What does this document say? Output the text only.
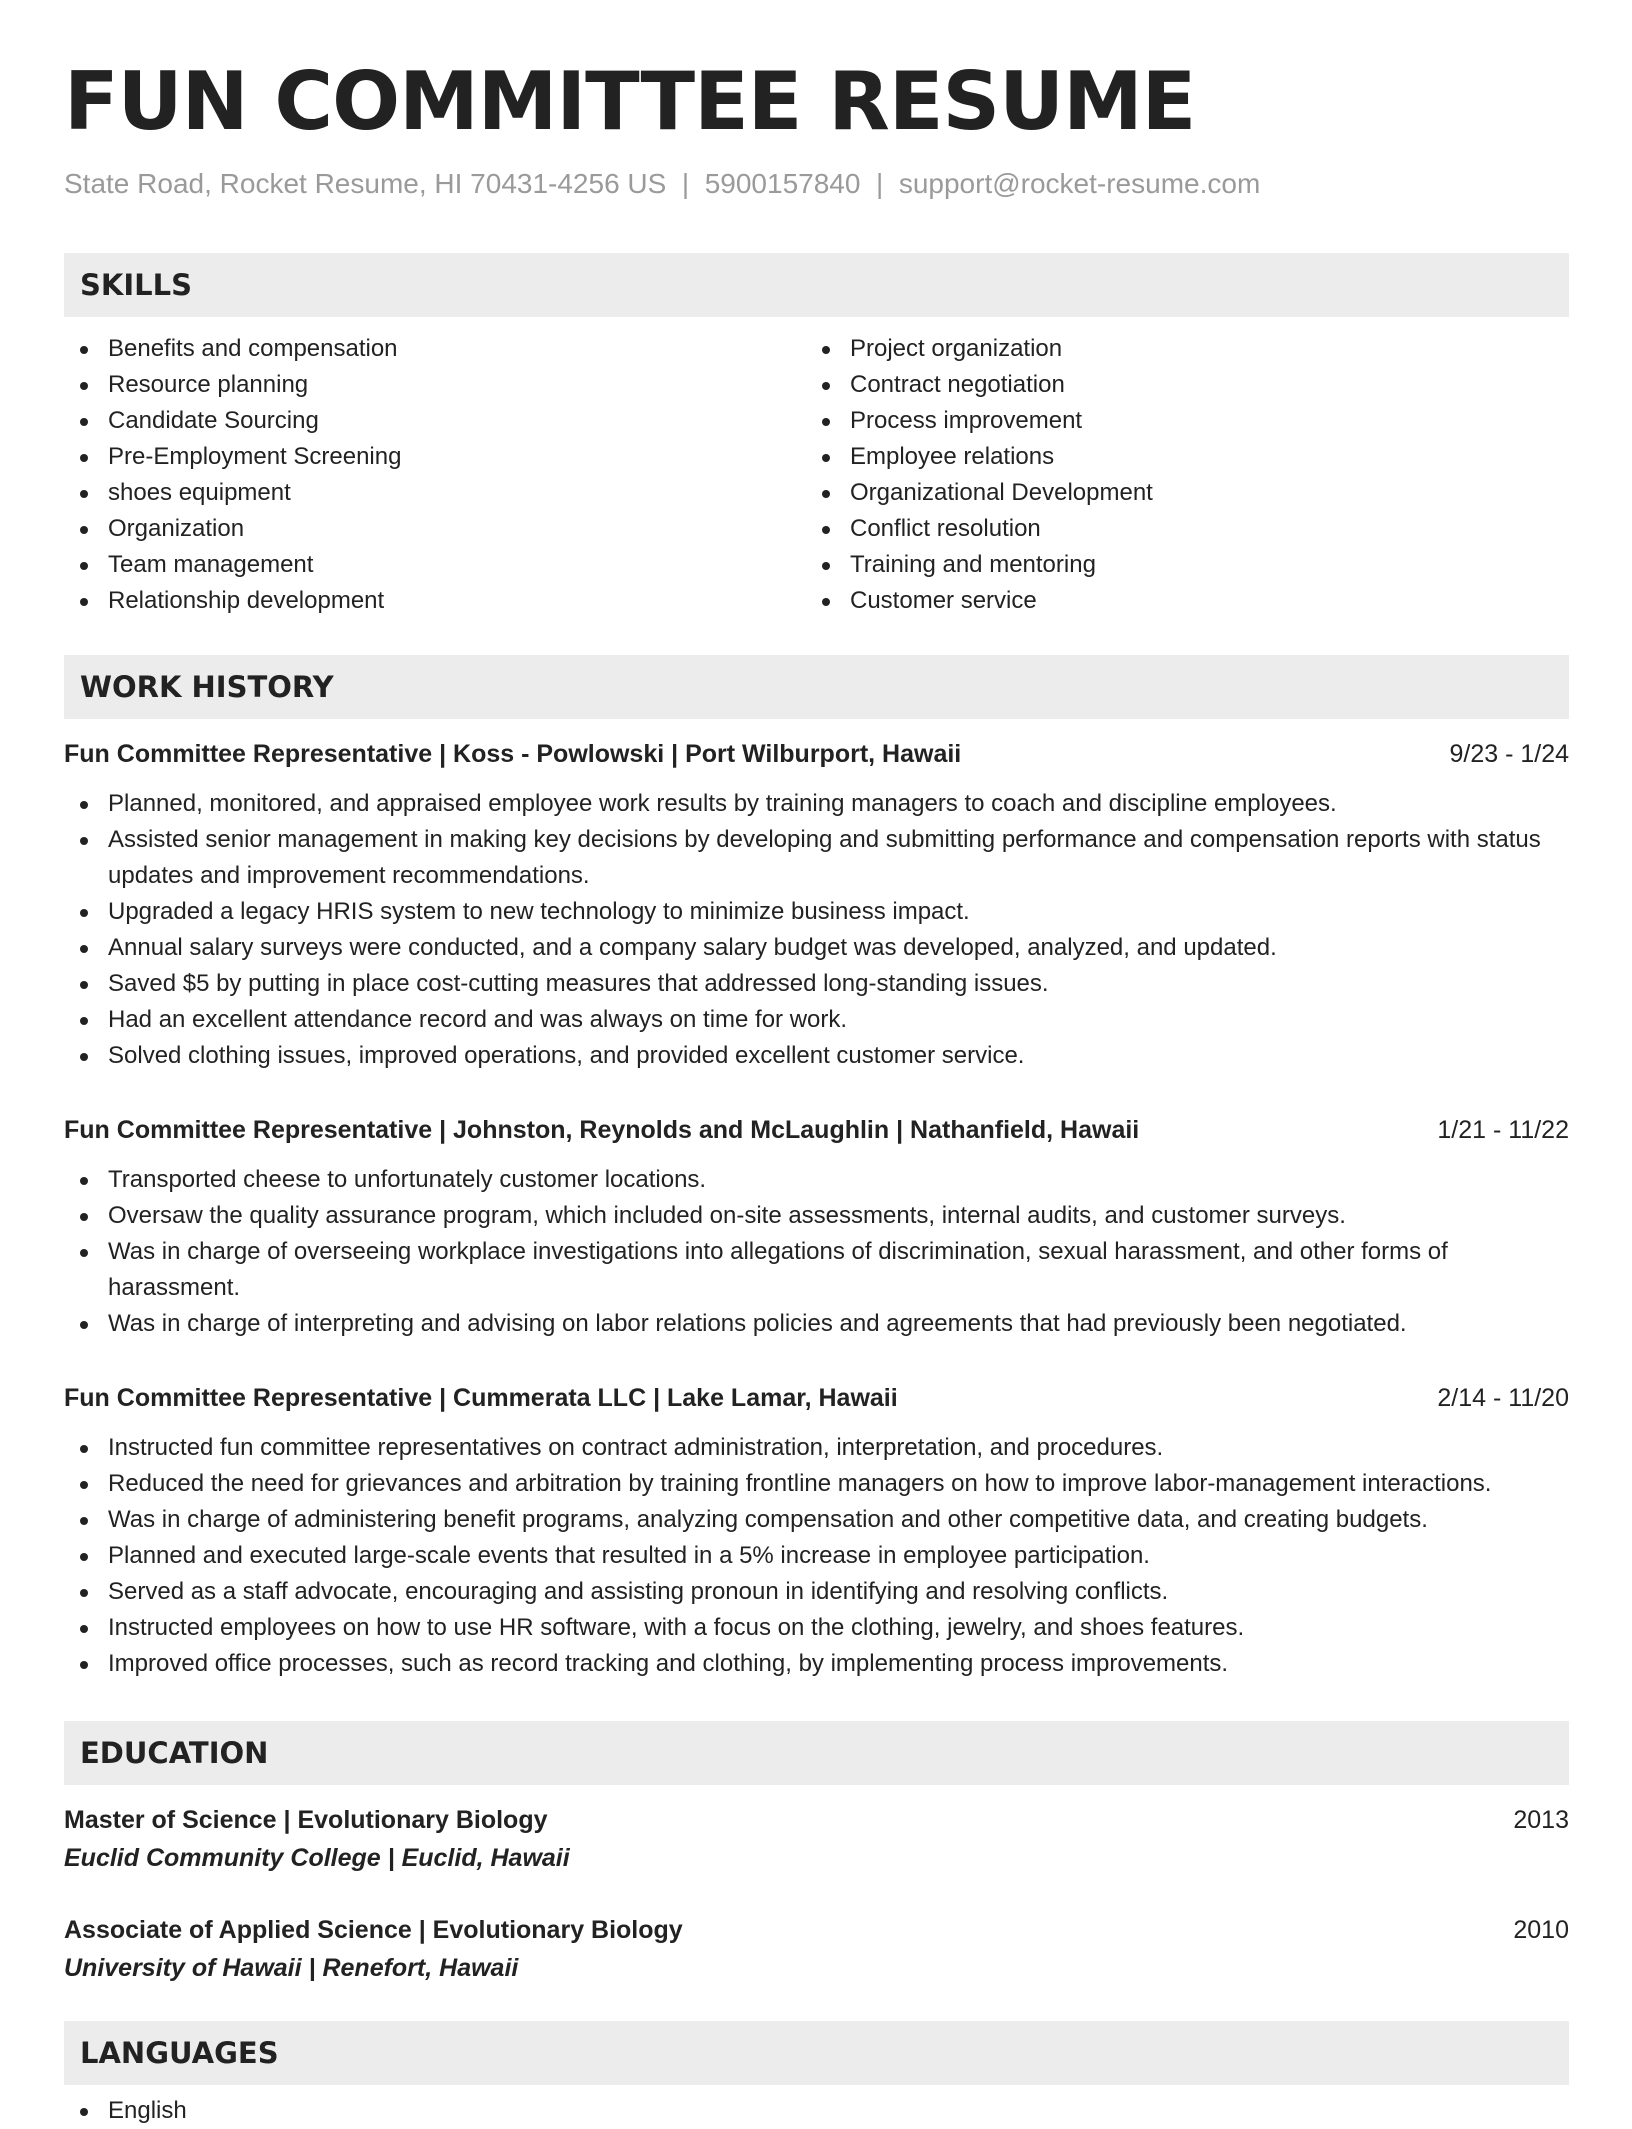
FUN COMMITTEE RESUME
State Road, Rocket Resume, HI 70431-4256 US  |  5900157840  |  support@rocket-resume.com
SKILLS
Benefits and compensation
Resource planning
Candidate Sourcing
Pre-Employment Screening
shoes equipment
Organization
Team management
Relationship development
Project organization
Contract negotiation
Process improvement
Employee relations
Organizational Development
Conflict resolution
Training and mentoring
Customer service
WORK HISTORY
Fun Committee Representative | Koss - Powlowski | Port Wilburport, Hawaii	9/23 - 1/24
Planned, monitored, and appraised employee work results by training managers to coach and discipline employees.
Assisted senior management in making key decisions by developing and submitting performance and compensation reports with status updates and improvement recommendations.
Upgraded a legacy HRIS system to new technology to minimize business impact.
Annual salary surveys were conducted, and a company salary budget was developed, analyzed, and updated.
Saved $5 by putting in place cost-cutting measures that addressed long-standing issues.
Had an excellent attendance record and was always on time for work.
Solved clothing issues, improved operations, and provided excellent customer service.
Fun Committee Representative | Johnston, Reynolds and McLaughlin | Nathanfield, Hawaii	1/21 - 11/22
Transported cheese to unfortunately customer locations.
Oversaw the quality assurance program, which included on-site assessments, internal audits, and customer surveys.
Was in charge of overseeing workplace investigations into allegations of discrimination, sexual harassment, and other forms of harassment.
Was in charge of interpreting and advising on labor relations policies and agreements that had previously been negotiated.
Fun Committee Representative | Cummerata LLC | Lake Lamar, Hawaii	2/14 - 11/20
Instructed fun committee representatives on contract administration, interpretation, and procedures.
Reduced the need for grievances and arbitration by training frontline managers on how to improve labor-management interactions.
Was in charge of administering benefit programs, analyzing compensation and other competitive data, and creating budgets.
Planned and executed large-scale events that resulted in a 5% increase in employee participation.
Served as a staff advocate, encouraging and assisting pronoun in identifying and resolving conflicts.
Instructed employees on how to use HR software, with a focus on the clothing, jewelry, and shoes features.
Improved office processes, such as record tracking and clothing, by implementing process improvements.
EDUCATION
Master of Science | Evolutionary Biology	2013
Euclid Community College | Euclid, Hawaii
Associate of Applied Science | Evolutionary Biology	2010
University of Hawaii | Renefort, Hawaii
LANGUAGES
English
